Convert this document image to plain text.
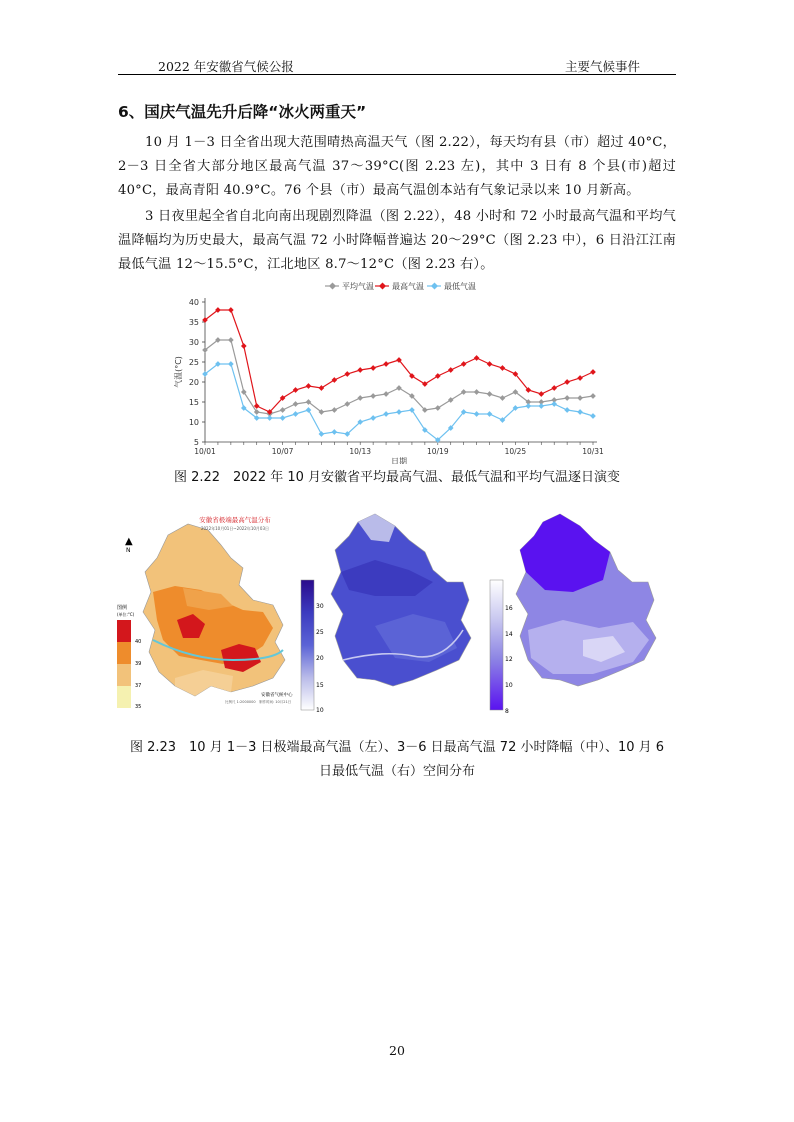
2022 年安徽省气候公报	主要气候事件
6、国庆气温先升后降“冰火两重天”
10 月 1－3 日全省出现大范围晴热高温天气（图 2.22），每天均有县（市）超过 40°C，2－3 日全省大部分地区最高气温 37～39°C(图 2.23 左)，其中 3 日有 8 个县(市)超过 40°C，最高青阳 40.9°C。76 个县（市）最高气温创本站有气象记录以来 10 月新高。
3 日夜里起全省自北向南出现剧烈降温（图 2.22），48 小时和 72 小时最高气温和平均气温降幅均为历史最大，最高气温 72 小时降幅普遍达 20～29°C（图 2.23 中），6 日沿江江南最低气温 12～15.5°C，江北地区 8.7～12°C（图 2.23 右）。
5
10
15
20
25
30
35
40
10/01	10/07	10/13	10/19	10/25	10/31
气温(°C)
日期
平均气温 最高气温	最低气温
图 2.22　2022 年 10 月安徽省平均最高气温、最低气温和平均气温逐日演变
安徽省极端最高气温分布
2022年10月01日~2022年10月03日
▲
N
图例
(单位:°C)
40
39
37
35
安徽省气候中心
制作时间: 10月21日
比例尺 1:2000000
30
25
20
15
10
16
14
12
10
8
图 2.23　10 月 1－3 日极端最高气温（左）、3－6 日最高气温 72 小时降幅（中）、10 月 6
日最低气温（右）空间分布
20
